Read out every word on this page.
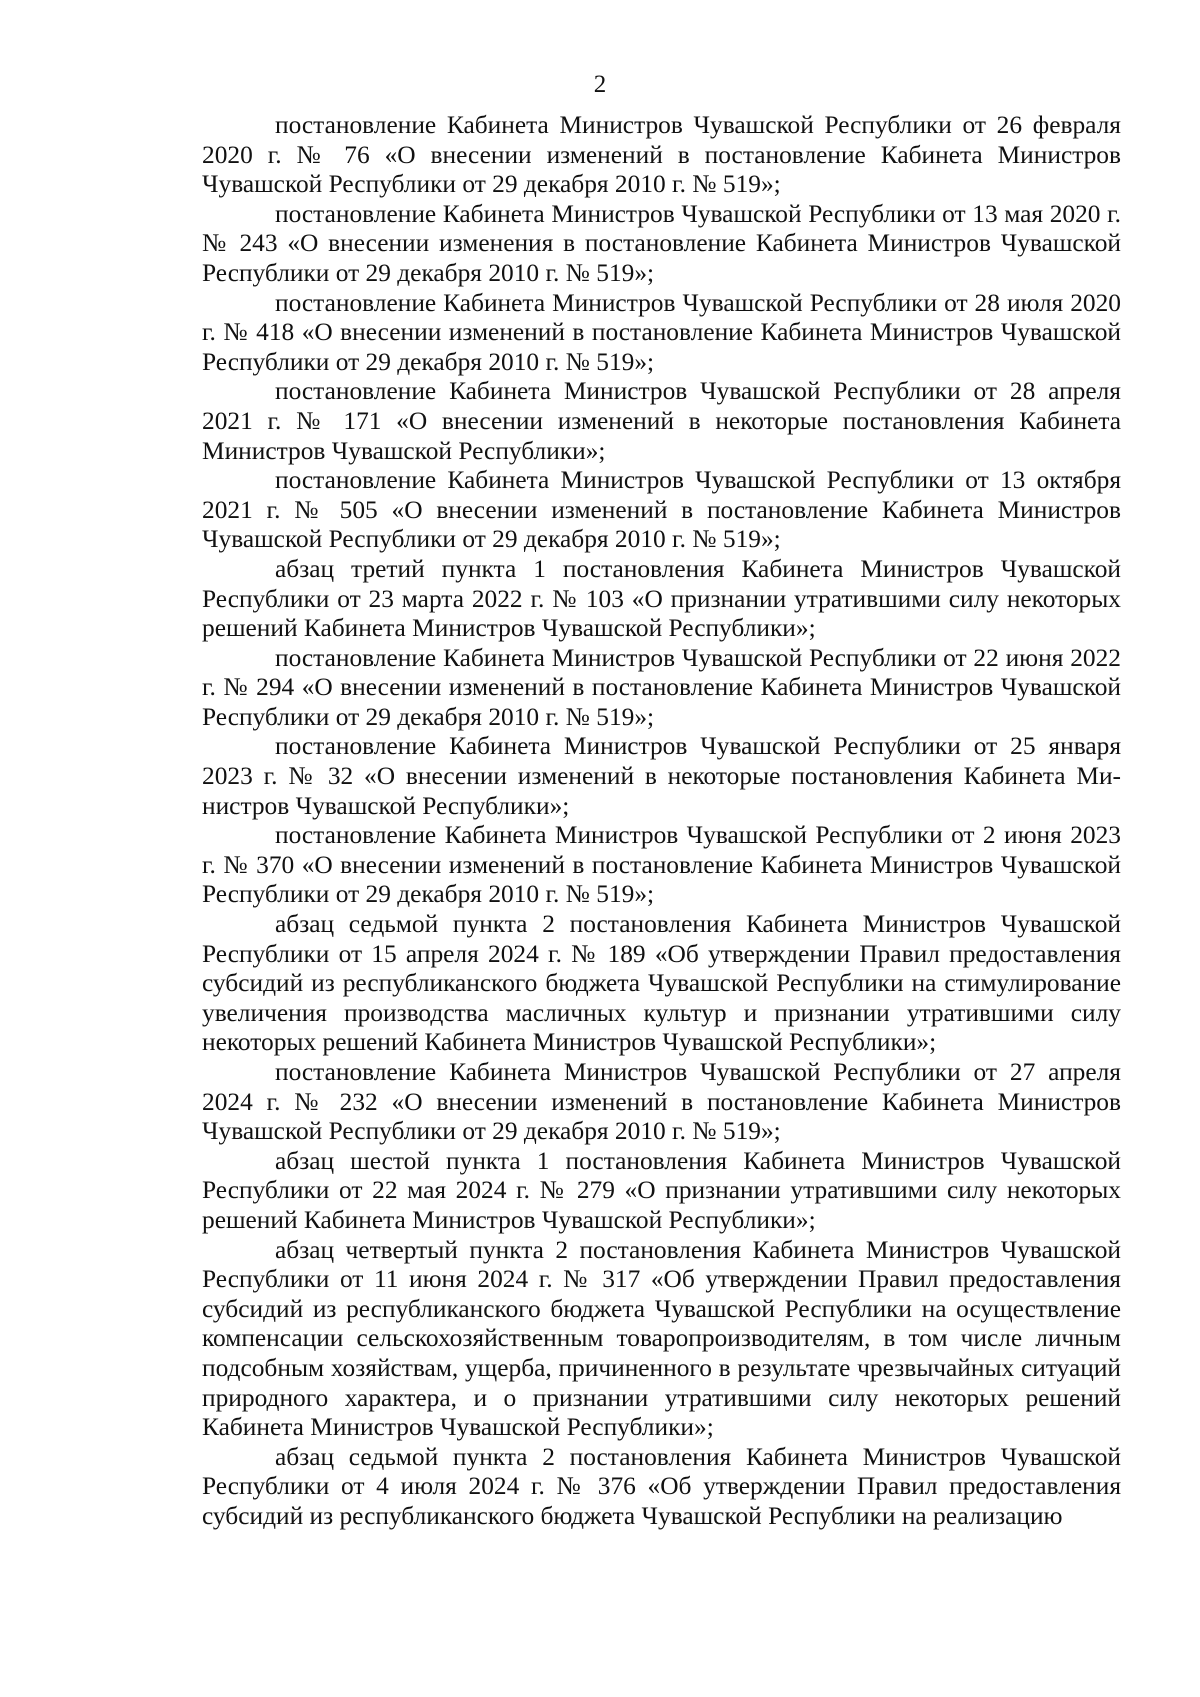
2

постановление Кабинета Министров Чувашской Республики от 26 февраля 2020 г. № 76 «О внесении изменений в постановление Кабинета Министров Чувашской Республики от 29 декабря 2010 г. № 519»;

постановление Кабинета Министров Чувашской Республики от 13 мая 2020 г. № 243 «О внесении изменения в постановление Кабинета Министров Чувашской Республики от 29 декабря 2010 г. № 519»;

постановление Кабинета Министров Чувашской Республики от 28 июля 2020 г. № 418 «О внесении изменений в постановление Кабинета Министров Чувашской Республики от 29 декабря 2010 г. № 519»;

постановление Кабинета Министров Чувашской Республики от 28 апреля 2021 г. № 171 «О внесении изменений в некоторые постановления Кабинета Министров Чувашской Республики»;

постановление Кабинета Министров Чувашской Республики от 13 октября 2021 г. № 505 «О внесении изменений в постановление Кабинета Министров Чувашской Республики от 29 декабря 2010 г. № 519»;

абзац третий пункта 1 постановления Кабинета Министров Чувашской Республики от 23 марта 2022 г. № 103 «О признании утратившими силу некоторых решений Кабинета Министров Чувашской Республики»;

постановление Кабинета Министров Чувашской Республики от 22 июня 2022 г. № 294 «О внесении изменений в постановление Кабинета Министров Чувашской Республики от 29 декабря 2010 г. № 519»;

постановление Кабинета Министров Чувашской Республики от 25 января 2023 г. № 32 «О внесении изменений в некоторые постановления Кабинета Министров Чувашской Республики»;

постановление Кабинета Министров Чувашской Республики от 2 июня 2023 г. № 370 «О внесении изменений в постановление Кабинета Министров Чувашской Республики от 29 декабря 2010 г. № 519»;

абзац седьмой пункта 2 постановления Кабинета Министров Чувашской Республики от 15 апреля 2024 г. № 189 «Об утверждении Правил предоставления субсидий из республиканского бюджета Чувашской Республики на стимулирование увеличения производства масличных культур и признании утратившими силу некоторых решений Кабинета Министров Чувашской Республики»;

постановление Кабинета Министров Чувашской Республики от 27 апреля 2024 г. № 232 «О внесении изменений в постановление Кабинета Министров Чувашской Республики от 29 декабря 2010 г. № 519»;

абзац шестой пункта 1 постановления Кабинета Министров Чувашской Республики от 22 мая 2024 г. № 279 «О признании утратившими силу некоторых решений Кабинета Министров Чувашской Республики»;

абзац четвертый пункта 2 постановления Кабинета Министров Чувашской Республики от 11 июня 2024 г. № 317 «Об утверждении Правил предоставления субсидий из республиканского бюджета Чувашской Республики на осуществление компенсации сельскохозяйственным товаропроизводителям, в том числе личным подсобным хозяйствам, ущерба, причиненного в результате чрезвычайных ситуаций природного характера, и о признании утратившими силу некоторых решений Кабинета Министров Чувашской Республики»;

абзац седьмой пункта 2 постановления Кабинета Министров Чувашской Республики от 4 июля 2024 г. № 376 «Об утверждении Правил предоставления субсидий из республиканского бюджета Чувашской Республики на реализацию
